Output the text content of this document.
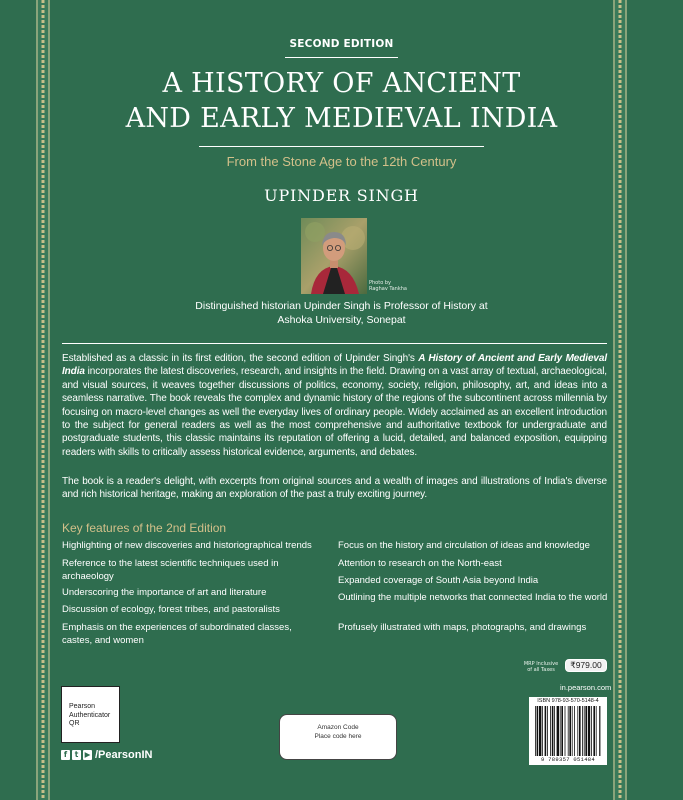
SECOND EDITION
A HISTORY OF ANCIENT
AND EARLY MEDIEVAL INDIA
From the Stone Age to the 12th Century
UPINDER SINGH
Photo by
Raghav Tankha
Distinguished historian Upinder Singh is Professor of History at
Ashoka University, Sonepat
Established as a classic in its first edition, the second edition of Upinder Singh's A History of Ancient and Early Medieval India incorporates the latest discoveries, research, and insights in the field. Drawing on a vast array of textual, archaeological, and visual sources, it weaves together discussions of politics, economy, society, religion, philosophy, art, and ideas into a seamless narrative. The book reveals the complex and dynamic history of the regions of the subcontinent across millennia by focusing on macro-level changes as well the everyday lives of ordinary people. Widely acclaimed as an excellent introduction to the subject for general readers as well as the most comprehensive and authoritative textbook for undergraduate and postgraduate students, this classic maintains its reputation of offering a lucid, detailed, and balanced exposition, equipping readers with skills to critically assess historical evidence, arguments, and debates.
The book is a reader's delight, with excerpts from original sources and a wealth of images and illustrations of India's diverse and rich historical heritage, making an exploration of the past a truly exciting journey.
Key features of the 2nd Edition
Highlighting of new discoveries and historiographical trends
Reference to the latest scientific techniques used in archaeology
Underscoring the importance of art and literature
Discussion of ecology, forest tribes, and pastoralists
Emphasis on the experiences of subordinated classes, castes, and women
Focus on the history and circulation of ideas and knowledge
Attention to research on the North-east
Expanded coverage of South Asia beyond India
Outlining the multiple networks that connected India to the world
Profusely illustrated with maps, photographs, and drawings
MRP Inclusive
of all Taxes	₹979.00
in.pearson.com
Pearson
Authenticator
QR
f	t ▶ /PearsonIN
Amazon Code
Place code here
ISBN 978-93-570-5148-4
9 789357 051484
